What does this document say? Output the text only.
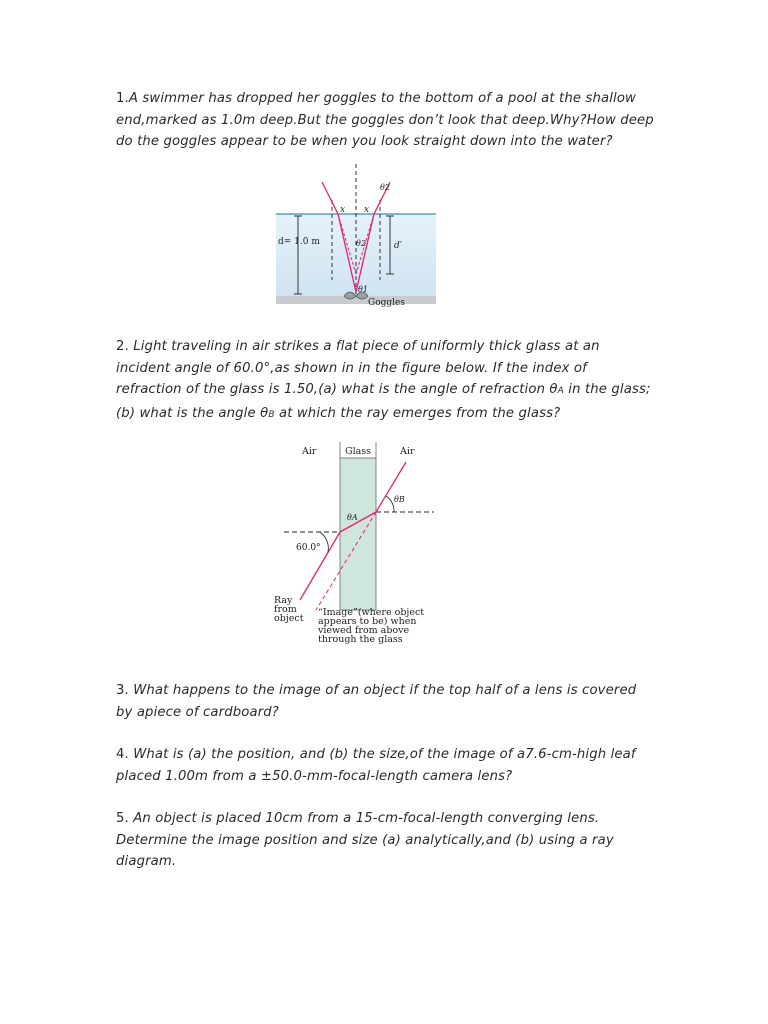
1.A swimmer has dropped her goggles to the bottom of a pool at the shallow end,marked as 1.0m deep.But the goggles don’t look that deep.Why?How deep do the goggles appear to be when you look straight down into the water?
d= 1.0 m
x x
d′
θ2
θ2
θ1
Goggles
2. Light traveling in air strikes a flat piece of uniformly thick glass at an incident angle of 60.0°,as shown in in the figure below. If the index of refraction of the glass is 1.50,(a) what is the angle of refraction θA in the glass; (b) what is the angle θB at which the ray emerges from the glass?
Air	Glass	Air
θB
θA
60.0°
Ray
from
object
“Image”(where object
appears to be) when
viewed from above
through the glass
3. What happens to the image of an object if the top half of a lens is covered by apiece of cardboard?
4. What is (a) the position, and (b) the size,of the image of a7.6-cm-high leaf placed 1.00m from a ±50.0-mm-focal-length camera lens?
5. An object is placed 10cm from a 15-cm-focal-length converging lens. Determine the image position and size (a) analytically,and (b) using a ray diagram.
